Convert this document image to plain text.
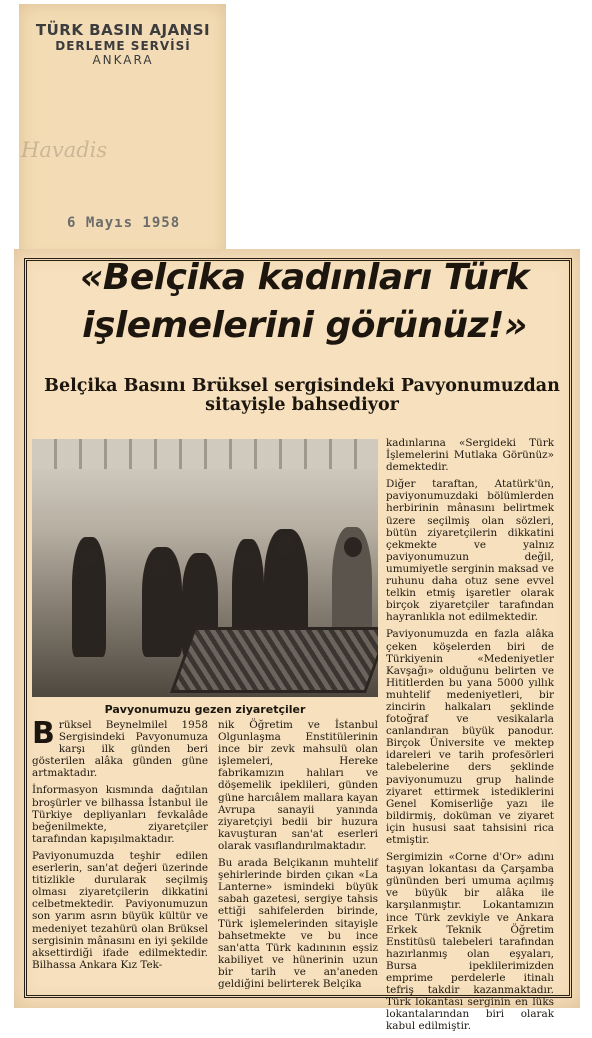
TÜRK BASIN AJANSI
DERLEME SERVİSİ
ANKARA
Havadis
6 Mayıs 1958
«Belçika kadınları Türk işlemelerini görünüz!»
Belçika Basını Brüksel sergisindeki Pavyonumuzdan sitayişle bahsediyor
Pavyonumuzu gezen ziyaretçiler

Brüksel Beynelmilel 1958 Sergisindeki Pavyonumuza karşı ilk günden beri gösterilen alâka günden güne artmaktadır.

İnformasyon kısmında dağıtılan broşürler ve bilhassa İstanbul ile Türkiye depliyanları fevkalâde beğenilmekte, ziyaretçiler tarafından kapışılmaktadır.

Paviyonumuzda teşhir edilen eserlerin, san'at değeri üzerinde titizlikle durularak seçilmiş olması ziyaretçilerin dikkatini celbetmektedir. Paviyonumuzun son yarım asrın büyük kültür ve medeniyet tezahürü olan Brüksel sergisinin mânasını en iyi şekilde aksettirdiği ifade edilmektedir. Bilhassa Ankara Kız Tek-

nik Öğretim ve İstanbul Olgunlaşma Enstitülerinin ince bir zevk mahsulü olan işlemeleri, Hereke fabrikamızın halıları ve döşemelik ipeklileri, günden güne harcıâlem mallara kayan Avrupa sanayii yanında ziyaretçiyi bedii bir huzura kavuşturan san'at eserleri olarak vasıflandırılmaktadır.

Bu arada Belçikanın muhtelif şehirlerinde birden çıkan «La Lanterne» ismindeki büyük sabah gazetesi, sergiye tahsis ettiği sahifelerden birinde, Türk işlemelerinden sitayişle bahsetmekte ve bu ince san'atta Türk kadınının eşsiz kabiliyet ve hünerinin uzun bir tarih ve an'aneden geldiğini belirterek Belçika

kadınlarına «Sergideki Türk İşlemelerini Mutlaka Görünüz» demektedir.

Diğer taraftan, Atatürk'ün, paviyonumuzdaki bölümlerden herbirinin mânasını belirtmek üzere seçilmiş olan sözleri, bütün ziyaretçilerin dikkatini çekmekte ve yalnız paviyonumuzun değil, umumiyetle serginin maksad ve ruhunu daha otuz sene evvel telkin etmiş işaretler olarak birçok ziyaretçiler tarafından hayranlıkla not edilmektedir.

Paviyonumuzda en fazla alâka çeken köşelerden biri de Türkiyenin «Medeniyetler Kavşağı» olduğunu belirten ve Hititlerden bu yana 5000 yıllık muhtelif medeniyetleri, bir zincirin halkaları şeklinde fotoğraf ve vesikalarla canlandıran büyük panodur. Birçok Üniversite ve mektep idareleri ve tarih profesörleri talebelerine ders şeklinde paviyonumuzu grup halinde ziyaret ettirmek istediklerini Genel Komiserliğe yazı ile bildirmiş, doküman ve ziyaret için hususi saat tahsisini rica etmiştir.

Sergimizin «Corne d'Or» adını taşıyan lokantası da Çarşamba gününden beri umuma açılmış ve büyük bir alâka ile karşılanmıştır. Lokantamızın ince Türk zevkiyle ve Ankara Erkek Teknik Öğretim Enstitüsü talebeleri tarafından hazırlanmış olan eşyaları, Bursa ipeklilerimizden emprime perdelerle itinalı tefriş takdir kazanmaktadır. Türk lokantası serginin en lüks lokantalarından biri olarak kabul edilmiştir.
